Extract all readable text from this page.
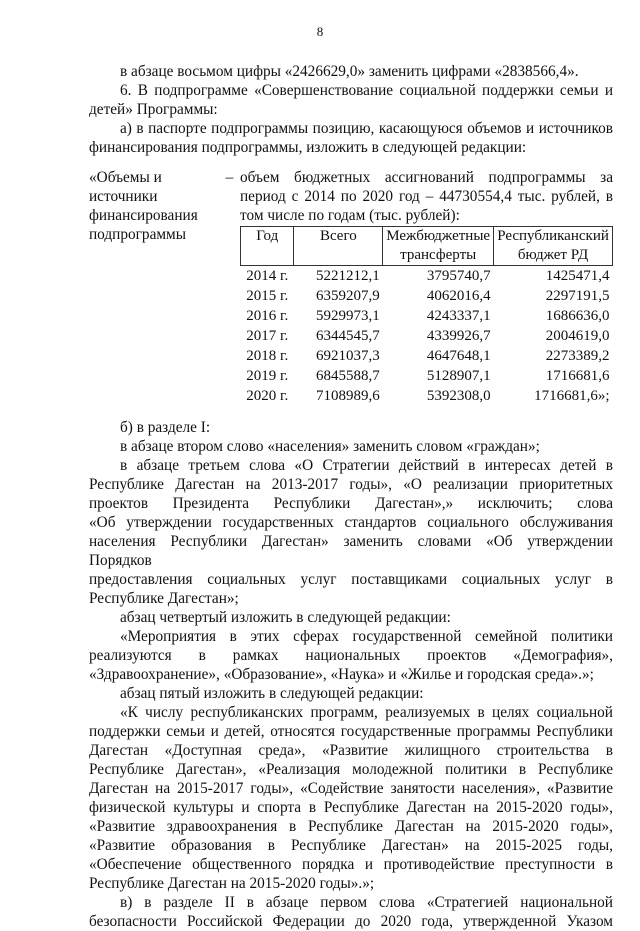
8

в абзаце восьмом цифры «2426629,0» заменить цифрами «2838566,4».

6. В подпрограмме «Совершенствование социальной поддержки семьи и

детей» Программы:

а) в паспорте подпрограммы позицию, касающуюся объемов и источников

финансирования подпрограммы, изложить в следующей редакции:

«Объемы и
источники
финансирования
подпрограммы
– объем бюджетных ассигнований подпрограммы за

период с 2014 по 2020 год – 44730554,4 тыс. рублей, в

том числе по годам (тыс. рублей):

Год	Всего	Межбюджетные трансферты	Республиканский бюджет РД
2014 г.	5221212,1	3795740,7	1425471,4
2015 г.	6359207,9	4062016,4	2297191,5
2016 г.	5929973,1	4243337,1	1686636,0
2017 г.	6344545,7	4339926,7	2004619,0
2018 г.	6921037,3	4647648,1	2273389,2
2019 г.	6845588,7	5128907,1	1716681,6
2020 г.	7108989,6	5392308,0	1716681,6»;

б) в разделе I:

в абзаце втором слово «населения» заменить словом «граждан»;

в абзаце третьем слова «О Стратегии действий в интересах детей в

Республике Дагестан на 2013-2017 годы», «О реализации приоритетных

проектов Президента Республики Дагестан»,» исключить; слова

«Об утверждении государственных стандартов социального обслуживания

населения Республики Дагестан» заменить словами «Об утверждении Порядков

предоставления социальных услуг поставщиками социальных услуг в

Республике Дагестан»;

абзац четвертый изложить в следующей редакции:

«Мероприятия в этих сферах государственной семейной политики

реализуются в рамках национальных проектов «Демография»,

«Здравоохранение», «Образование», «Наука» и «Жилье и городская среда».»;

абзац пятый изложить в следующей редакции:

«К числу республиканских программ, реализуемых в целях социальной

поддержки семьи и детей, относятся государственные программы Республики

Дагестан «Доступная среда», «Развитие жилищного строительства в

Республике Дагестан», «Реализация молодежной политики в Республике

Дагестан на 2015-2017 годы», «Содействие занятости населения», «Развитие

физической культуры и спорта в Республике Дагестан на 2015-2020 годы»,

«Развитие здравоохранения в Республике Дагестан на 2015-2020 годы»,

«Развитие образования в Республике Дагестан» на 2015-2025 годы,

«Обеспечение общественного порядка и противодействие преступности в

Республике Дагестан на 2015-2020 годы».»;

в) в разделе II в абзаце первом слова «Стратегией национальной

безопасности Российской Федерации до 2020 года, утвержденной Указом
